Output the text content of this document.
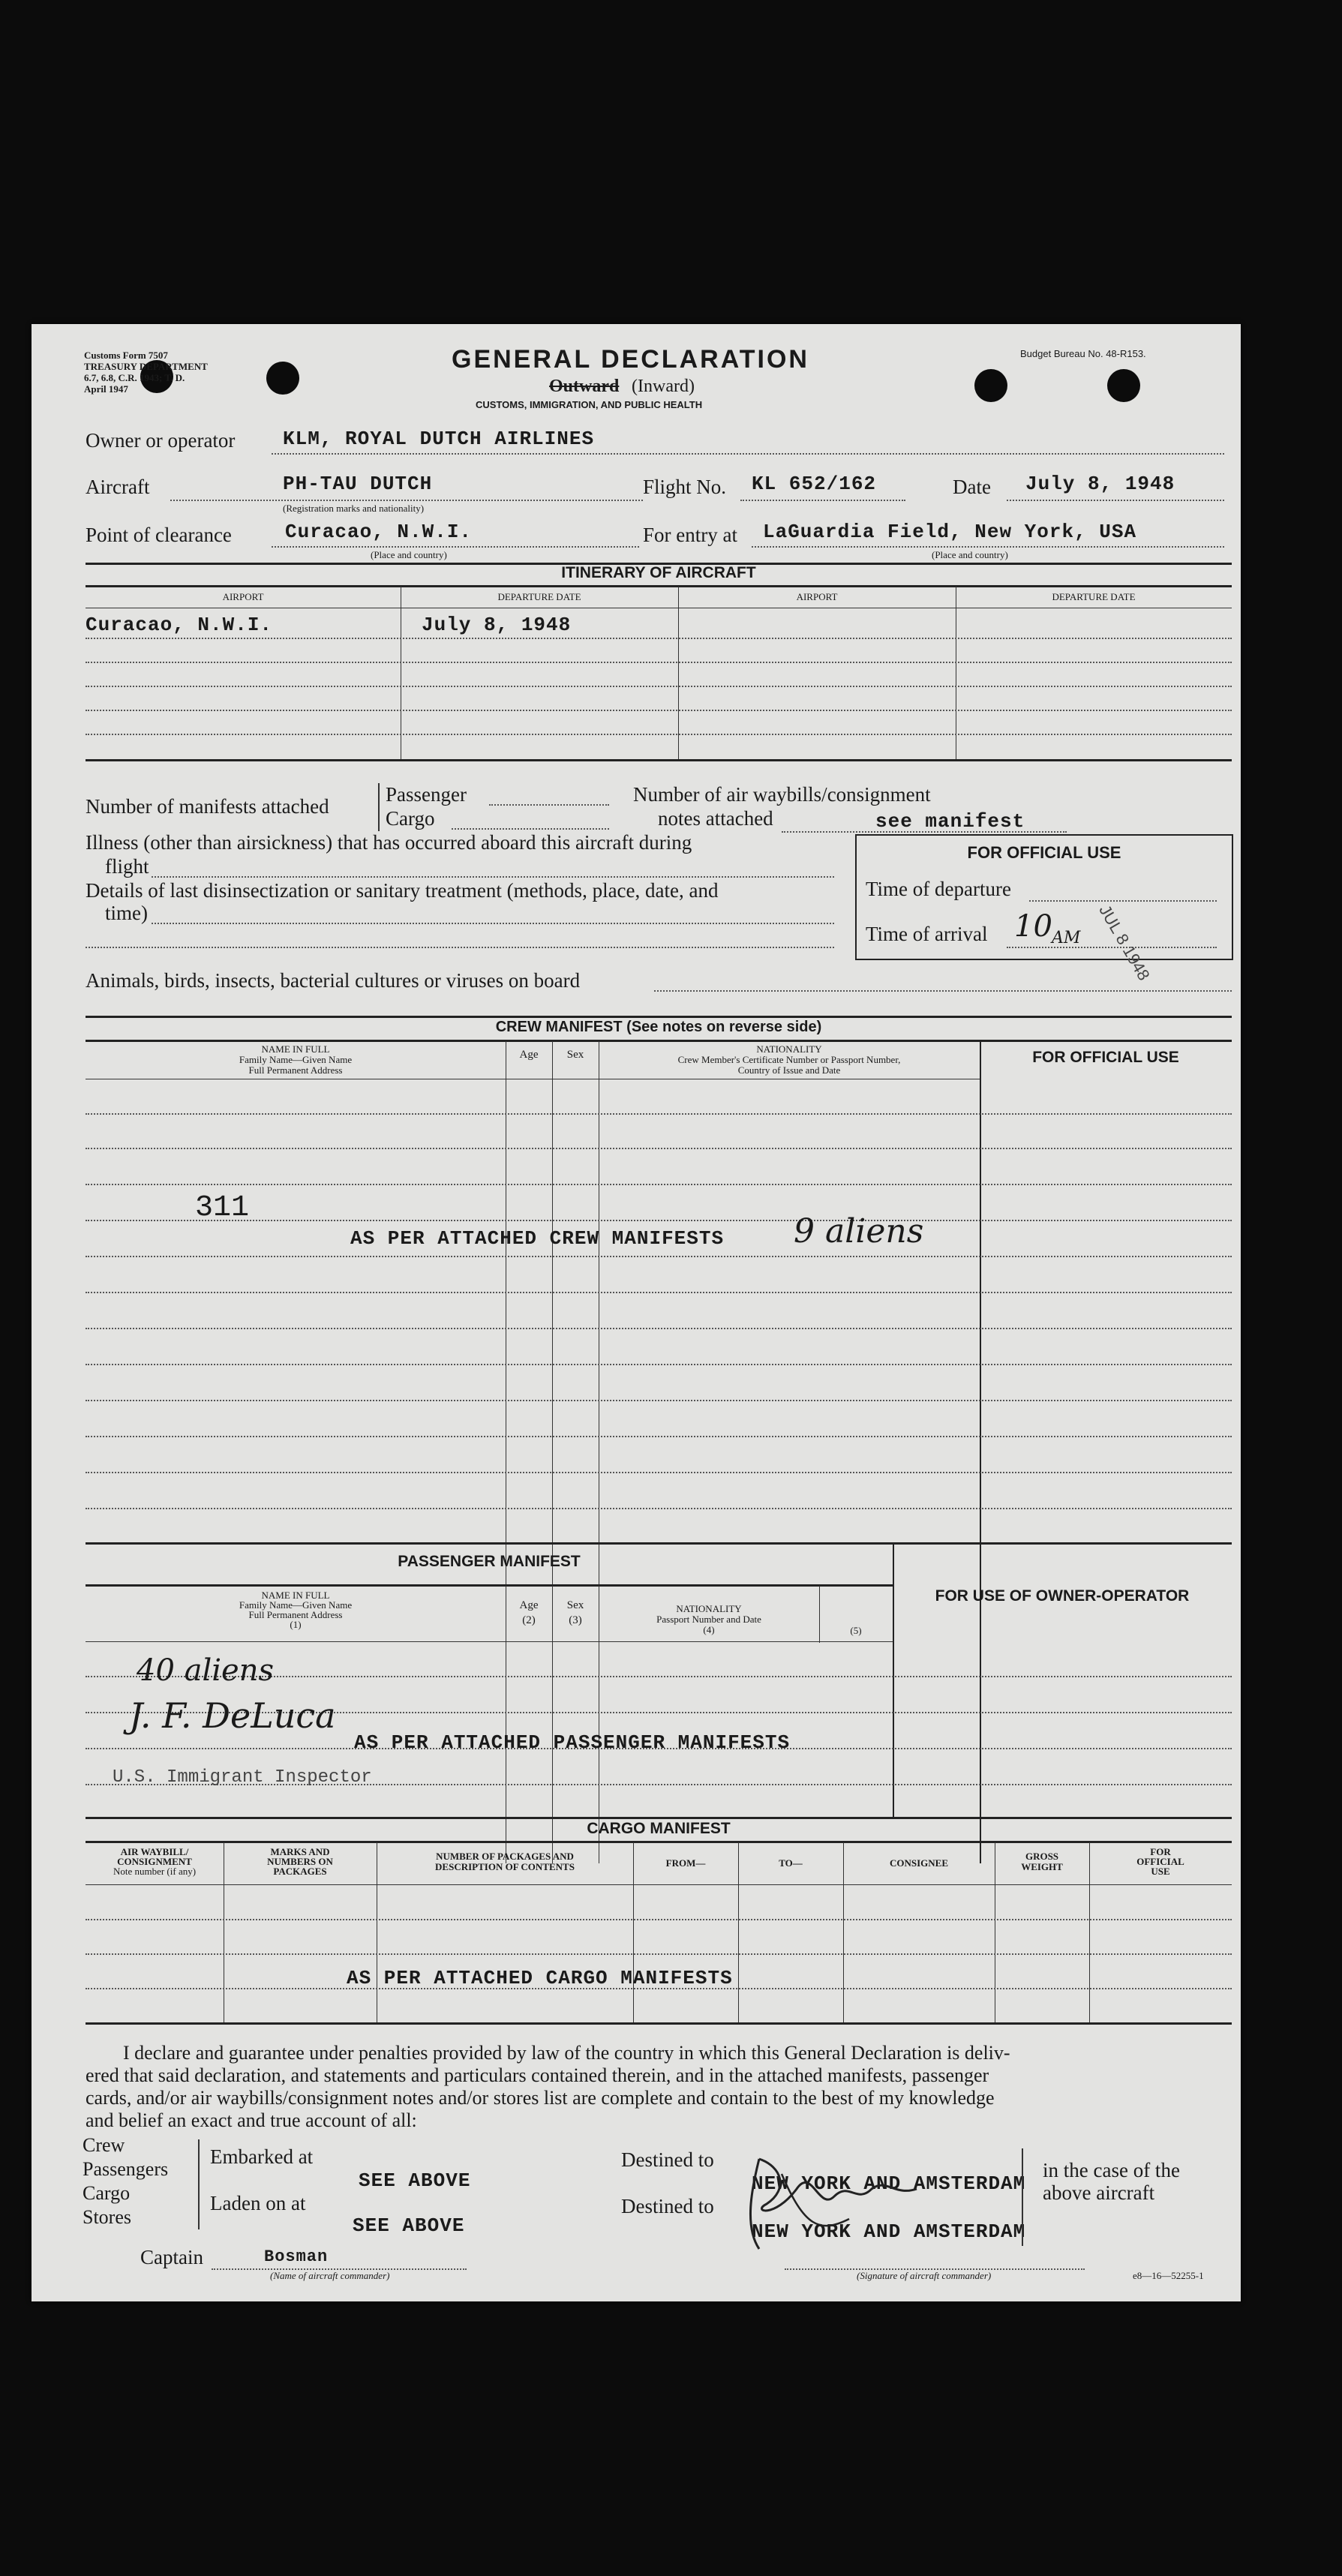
Customs Form 7507
TREASURY DEPARTMENT
6.7, 6.8, C.R. 1943; T. D.
April 1947
GENERAL DECLARATION
Outward (Inward)
CUSTOMS, IMMIGRATION, AND PUBLIC HEALTH
Budget Bureau No. 48-R153.
Owner or operator KLM, ROYAL DUTCH AIRLINES
Aircraft	PH-TAU DUTCH
(Registration marks and nationality)
Flight No. KL 652/162	Date July 8, 1948
Point of clearance	Curacao, N.W.I.
(Place and country)
For entry at LaGuardia Field, New York, USA
(Place and country)
ITINERARY OF AIRCRAFT
AIRPORT	DEPARTURE DATE	AIRPORT	DEPARTURE DATE
Curacao, N.W.I.	July 8, 1948
Number of manifests attached
Passenger
Cargo
Number of air waybills/consignment
notes attached	see manifest
Illness (other than airsickness) that has occurred aboard this aircraft during
flight
Details of last disinsectization or sanitary treatment (methods, place, date, and
time)
FOR OFFICIAL USE
Time of departure
Time of arrival 10 AM JUL 8 1948
Animals, birds, insects, bacterial cultures or viruses on board
CREW MANIFEST (See notes on reverse side)
NAME IN FULL
Family Name—Given Name
Full Permanent Address
Age	Sex	NATIONALITY
Crew Member's Certificate Number or Passport Number,
Country of Issue and Date
FOR OFFICIAL USE
311
AS PER ATTACHED CREW MANIFESTS 9 aliens
PASSENGER MANIFEST
FOR USE OF OWNER-OPERATOR
NAME IN FULL
Family Name—Given Name
Full Permanent Address
(1)
Age
(2)
Sex
(3)
NATIONALITY
Passport Number and Date
(4)	(5)
40 aliens
J. F. DeLuca
AS PER ATTACHED PASSENGER MANIFESTS
U.S. Immigrant Inspector
CARGO MANIFEST
AIR WAYBILL/
CONSIGNMENT
Note number (if any)
MARKS AND
NUMBERS ON
PACKAGES
NUMBER OF PACKAGES AND
DESCRIPTION OF CONTENTS	FROM—	TO—	CONSIGNEE
GROSS
WEIGHT
FOR
OFFICIAL
USE
AS PER ATTACHED CARGO MANIFESTS
I declare and guarantee under penalties provided by law of the country in which this General Declaration is deliv-
ered that said declaration, and statements and particulars contained therein, and in the attached manifests, passenger
cards, and/or air waybills/consignment notes and/or stores list are complete and contain to the best of my knowledge
and belief an exact and true account of all:
Crew
Passengers
Cargo
Stores
Embarked at
SEE ABOVE
Laden on at
SEE ABOVE
Destined to
NEW YORK AND AMSTERDAM
Destined to
NEW YORK AND AMSTERDAM
in the case of the
above aircraft
Captain	Bosman
(Name of aircraft commander)	(Signature of aircraft commander)	e8—16—52255-1
